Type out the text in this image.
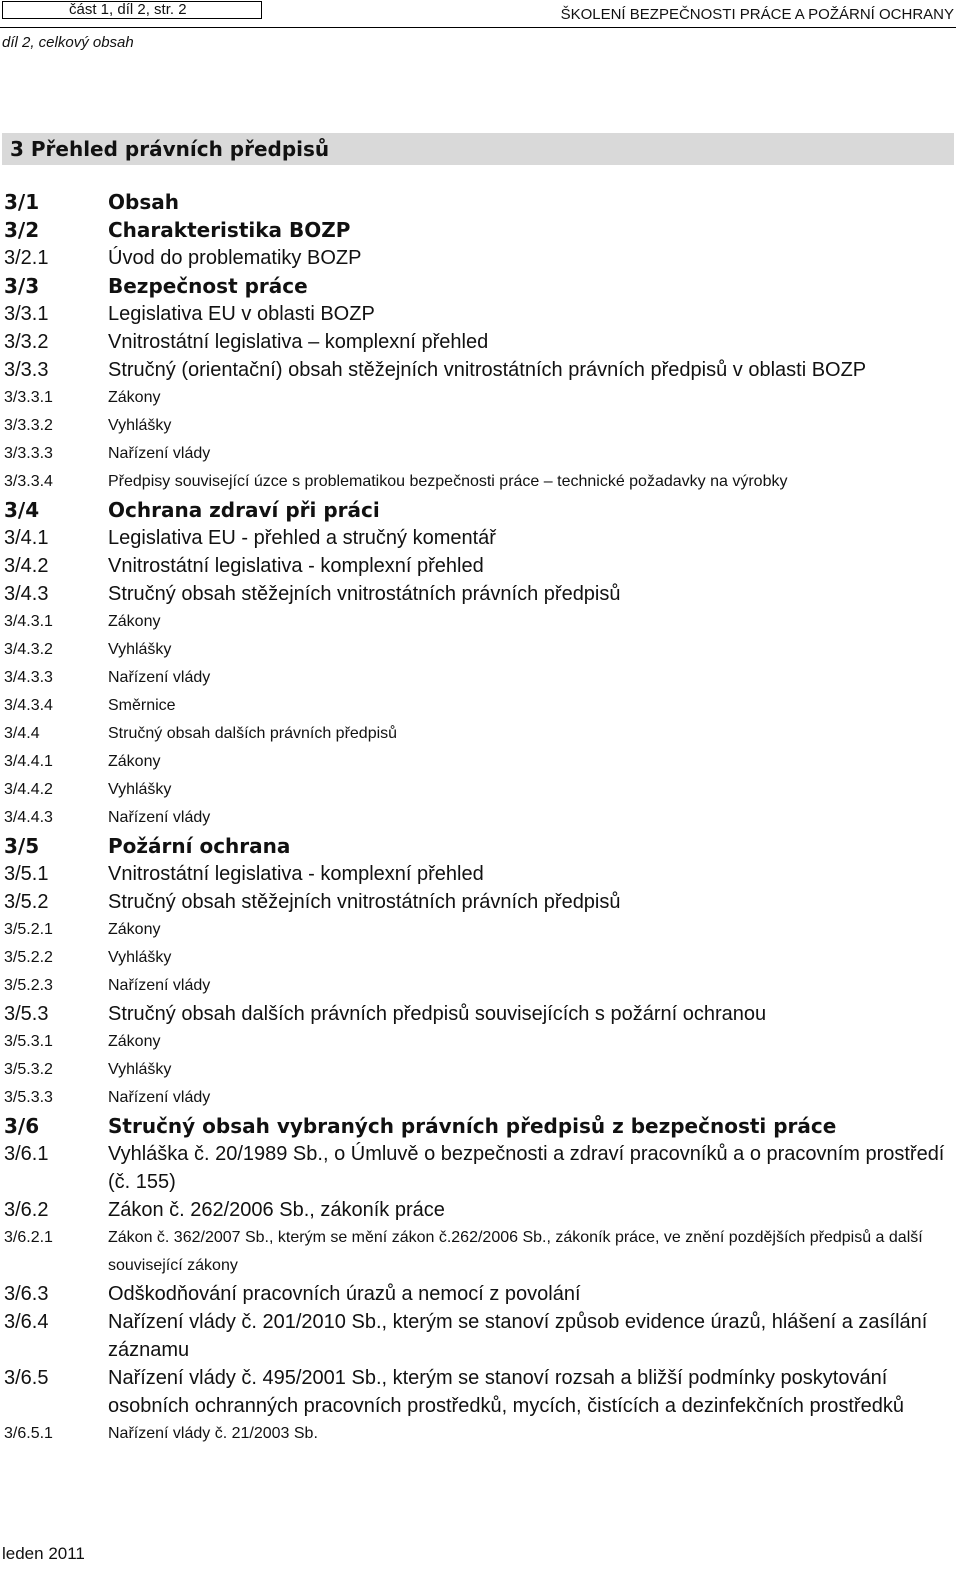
část 1, díl 2, str. 2	ŠKOLENÍ BEZPEČNOSTI PRÁCE A POŽÁRNÍ OCHRANY
díl 2, celkový obsah
3 Přehled právních předpisů
3/1	Obsah
3/2	Charakteristika BOZP
3/2.1	Úvod do problematiky BOZP
3/3	Bezpečnost práce
3/3.1	Legislativa EU v oblasti BOZP
3/3.2	Vnitrostátní legislativa – komplexní přehled
3/3.3	Stručný (orientační) obsah stěžejních vnitrostátních právních předpisů v oblasti BOZP
3/3.3.1	Zákony
3/3.3.2	Vyhlášky
3/3.3.3	Nařízení vlády
3/3.3.4	Předpisy související úzce s problematikou bezpečnosti práce – technické požadavky na výrobky
3/4	Ochrana zdraví při práci
3/4.1	Legislativa EU - přehled a stručný komentář
3/4.2	Vnitrostátní legislativa - komplexní přehled
3/4.3	Stručný obsah stěžejních vnitrostátních právních předpisů
3/4.3.1	Zákony
3/4.3.2	Vyhlášky
3/4.3.3	Nařízení vlády
3/4.3.4	Směrnice
3/4.4	Stručný obsah dalších právních předpisů
3/4.4.1	Zákony
3/4.4.2	Vyhlášky
3/4.4.3	Nařízení vlády
3/5	Požární ochrana
3/5.1	Vnitrostátní legislativa - komplexní přehled
3/5.2	Stručný obsah stěžejních vnitrostátních právních předpisů
3/5.2.1	Zákony
3/5.2.2	Vyhlášky
3/5.2.3	Nařízení vlády
3/5.3	Stručný obsah dalších právních předpisů souvisejících s požární ochranou
3/5.3.1	Zákony
3/5.3.2	Vyhlášky
3/5.3.3	Nařízení vlády
3/6	Stručný obsah vybraných právních předpisů z bezpečnosti práce
3/6.1	Vyhláška č. 20/1989 Sb., o Úmluvě o bezpečnosti a zdraví pracovníků a o pracovním prostředí (č. 155)
3/6.2	Zákon č. 262/2006 Sb., zákoník práce
3/6.2.1	Zákon č. 362/2007 Sb., kterým se mění zákon č.262/2006 Sb., zákoník práce, ve znění pozdějších předpisů a další související zákony
3/6.3	Odškodňování pracovních úrazů a nemocí z povolání
3/6.4	Nařízení vlády č. 201/2010 Sb., kterým se stanoví způsob evidence úrazů, hlášení a zasílání záznamu
3/6.5	Nařízení vlády č. 495/2001 Sb., kterým se stanoví rozsah a bližší podmínky poskytování osobních ochranných pracovních prostředků, mycích, čistících a dezinfekčních prostředků
3/6.5.1	Nařízení vlády č. 21/2003 Sb.
leden 2011
